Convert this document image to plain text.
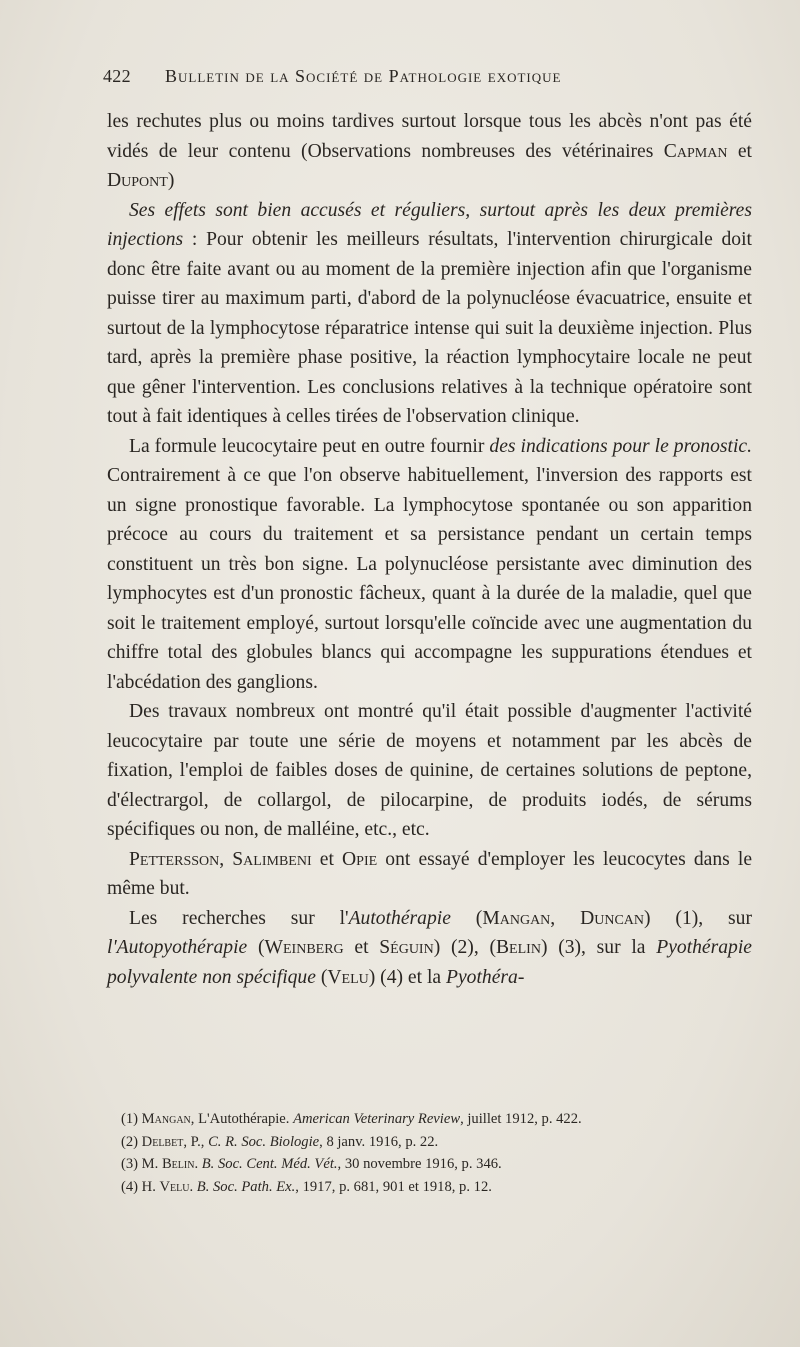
422 Bulletin de la Société de Pathologie exotique

les rechutes plus ou moins tardives surtout lorsque tous les abcès n'ont pas été vidés de leur contenu (Observations nombreuses des vétérinaires Capman et Dupont)

Ses effets sont bien accusés et réguliers, surtout après les deux premières injections : Pour obtenir les meilleurs résultats, l'intervention chirurgicale doit donc être faite avant ou au moment de la première injection afin que l'organisme puisse tirer au maximum parti, d'abord de la polynucléose évacuatrice, ensuite et surtout de la lymphocytose réparatrice intense qui suit la deuxième injection. Plus tard, après la première phase positive, la réaction lymphocytaire locale ne peut que gêner l'intervention. Les conclusions relatives à la technique opératoire sont tout à fait identiques à celles tirées de l'observation clinique.

La formule leucocytaire peut en outre fournir des indications pour le pronostic. Contrairement à ce que l'on observe habituellement, l'inversion des rapports est un signe pronostique favorable. La lymphocytose spontanée ou son apparition précoce au cours du traitement et sa persistance pendant un certain temps constituent un très bon signe. La polynucléose persistante avec diminution des lymphocytes est d'un pronostic fâcheux, quant à la durée de la maladie, quel que soit le traitement employé, surtout lorsqu'elle coïncide avec une augmentation du chiffre total des globules blancs qui accompagne les suppurations étendues et l'abcédation des ganglions.

Des travaux nombreux ont montré qu'il était possible d'augmenter l'activité leucocytaire par toute une série de moyens et notamment par les abcès de fixation, l'emploi de faibles doses de quinine, de certaines solutions de peptone, d'électrargol, de collargol, de pilocarpine, de produits iodés, de sérums spécifiques ou non, de malléine, etc., etc.

Pettersson, Salimbeni et Opie ont essayé d'employer les leucocytes dans le même but.

Les recherches sur l'Autothérapie (Mangan, Duncan) (1), sur l'Autopyothérapie (Weinberg et Séguin) (2), (Belin) (3), sur la Pyothérapie polyvalente non spécifique (Velu) (4) et la Pyothéra-

(1) Mangan, L'Autothérapie. American Veterinary Review, juillet 1912, p. 422.

(2) Delbet, P., C. R. Soc. Biologie, 8 janv. 1916, p. 22.

(3) M. Belin. B. Soc. Cent. Méd. Vét., 30 novembre 1916, p. 346.

(4) H. Velu. B. Soc. Path. Ex., 1917, p. 681, 901 et 1918, p. 12.
